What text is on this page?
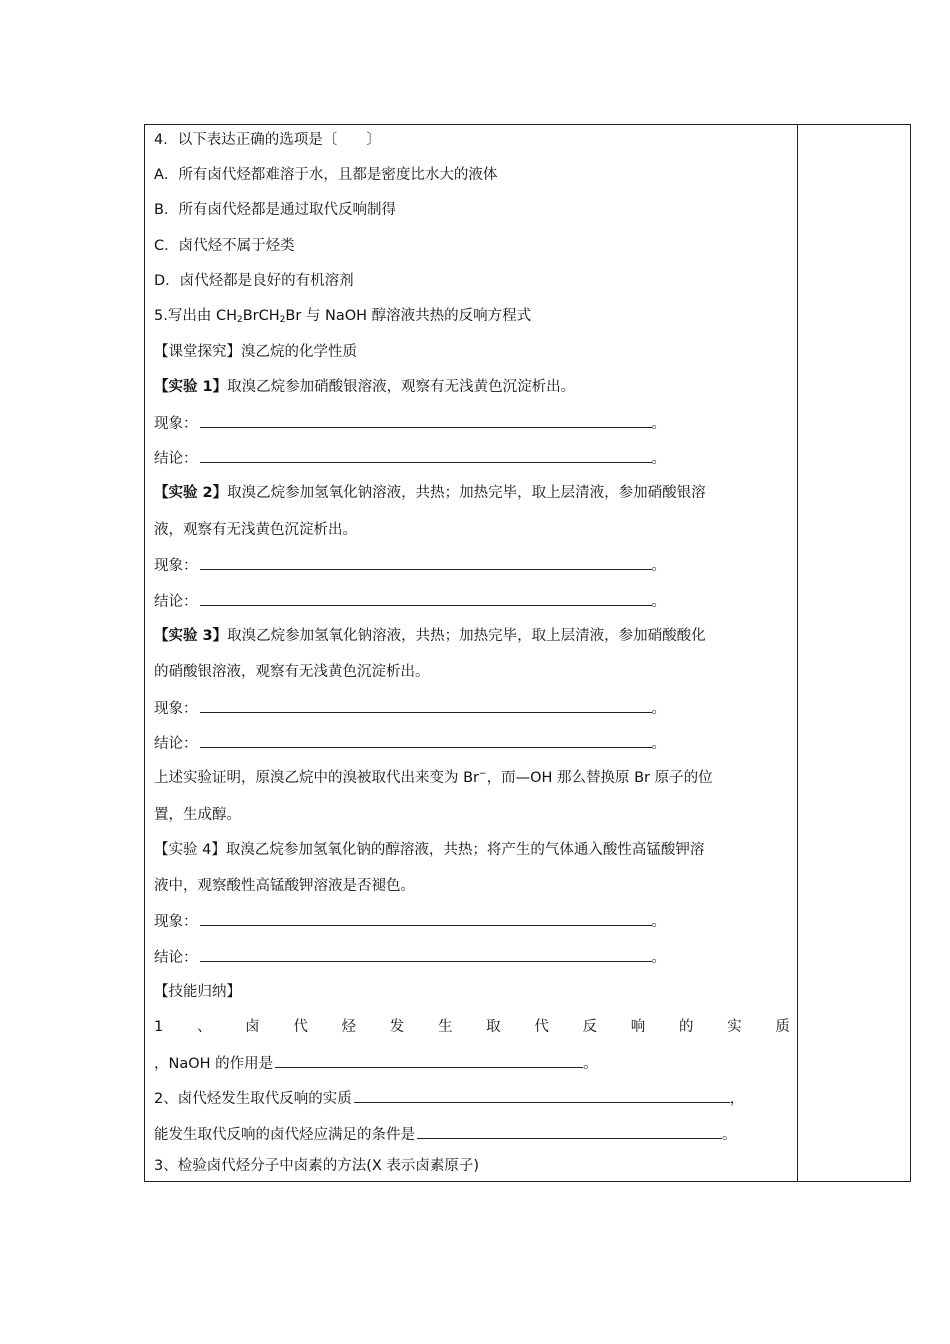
4．以下表达正确的选项是〔　　〕
A．所有卤代烃都难溶于水，且都是密度比水大的液体
B．所有卤代烃都是通过取代反响制得
C．卤代烃不属于烃类
D．卤代烃都是良好的有机溶剂
5.写出由 $CH_2BrCH_2Br$ 与 NaOH 醇溶液共热的反响方程式
【课堂探究】溴乙烷的化学性质
【实验 1】取溴乙烷参加硝酸银溶液，观察有无浅黄色沉淀析出。
现象：	。
结论：	。
【实验 2】取溴乙烷参加氢氧化钠溶液，共热；加热完毕，取上层清液，参加硝酸银溶
液，观察有无浅黄色沉淀析出。
现象：	。
结论：	。
【实验 3】取溴乙烷参加氢氧化钠溶液，共热；加热完毕，取上层清液，参加硝酸酸化
的硝酸银溶液，观察有无浅黄色沉淀析出。
现象：	。
结论：	。
上述实验证明，原溴乙烷中的溴被取代出来变为 Br−，而—OH 那么替换原 Br 原子的位
置，生成醇。
【实验 4】取溴乙烷参加氢氧化钠的醇溶液，共热；将产生的气体通入酸性高锰酸钾溶
液中，观察酸性高锰酸钾溶液是否褪色。
现象：	。
结论：	。
【技能归纳】
1 、 卤 代 烃 发 生 取 代 反 响 的 实 质
，NaOH 的作用是	。
2、卤代烃发生取代反响的实质	，
能发生取代反响的卤代烃应满足的条件是	。
3、检验卤代烃分子中卤素的方法(X 表示卤素原子)
